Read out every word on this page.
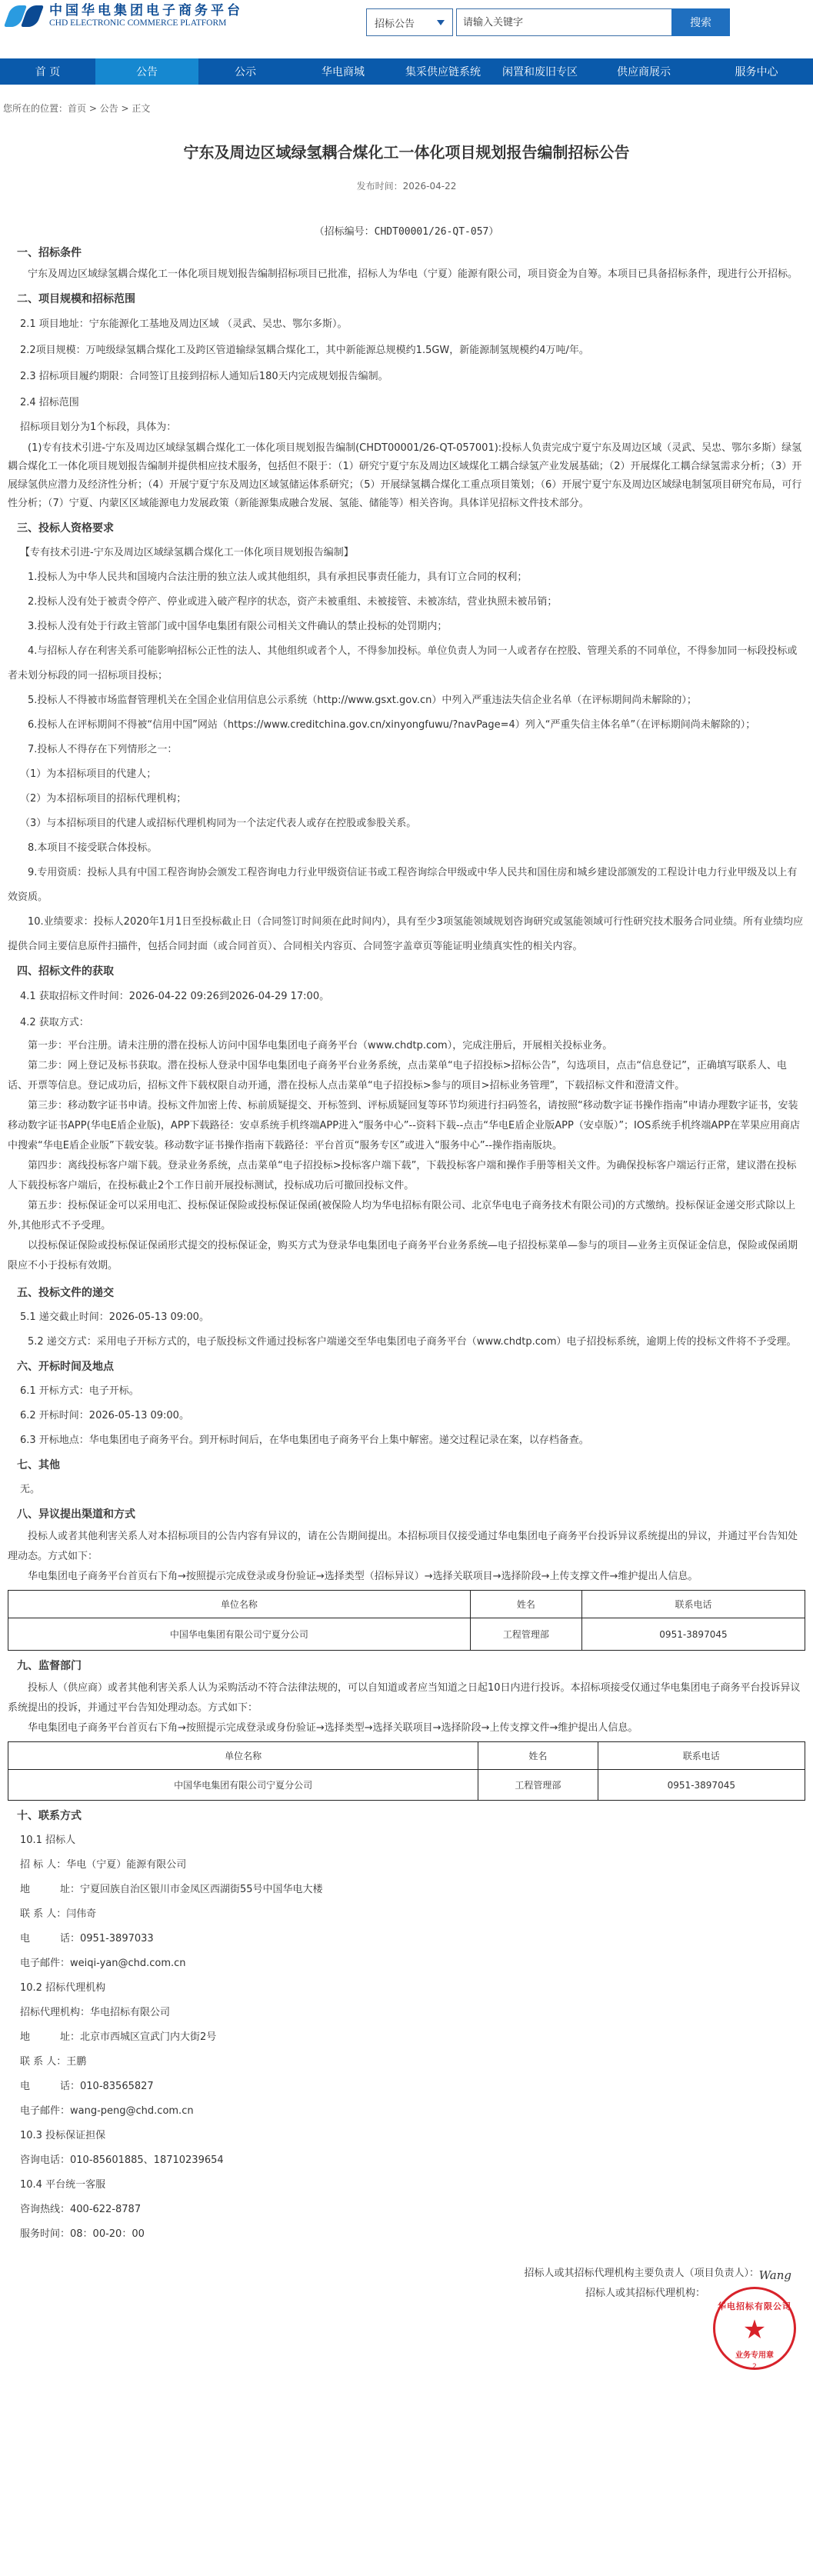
中国华电集团电子商务平台
CHD ELECTRONIC COMMERCE PLATFORM	招标公告
请输入关键字	搜索
首 页	公告	公示	华电商城	集采供应链系统	闲置和废旧专区	供应商展示	服务中心
您所在的位置：首页 > 公告 > 正文
宁东及周边区域绿氢耦合煤化工一体化项目规划报告编制招标公告
发布时间：2026-04-22
（招标编号：CHDT00001/26-QT-057）
一、招标条件
宁东及周边区域绿氢耦合煤化工一体化项目规划报告编制招标项目已批准，招标人为华电（宁夏）能源有限公司，项目资金为自筹。本项目已具备招标条件，现进行公开招标。
二、项目规模和招标范围
2.1 项目地址：宁东能源化工基地及周边区域 （灵武、吴忠、鄂尔多斯）。
2.2项目规模：万吨级绿氢耦合煤化工及跨区管道输绿氢耦合煤化工，其中新能源总规模约1.5GW，新能源制氢规模约4万吨/年。
2.3 招标项目履约期限：合同签订且接到招标人通知后180天内完成规划报告编制。
2.4 招标范围
招标项目划分为1个标段，具体为：
(1)专有技术引进-宁东及周边区域绿氢耦合煤化工一体化项目规划报告编制(CHDT00001/26-QT-057001):投标人负责完成宁夏宁东及周边区域（灵武、吴忠、鄂尔多斯）绿氢耦合煤化工一体化项目规划报告编制并提供相应技术服务，包括但不限于：（1）研究宁夏宁东及周边区域煤化工耦合绿氢产业发展基础；（2）开展煤化工耦合绿氢需求分析；（3）开展绿氢供应潜力及经济性分析；（4）开展宁夏宁东及周边区域氢储运体系研究；（5）开展绿氢耦合煤化工重点项目策划；（6）开展宁夏宁东及周边区域绿电制氢项目研究布局，可行性分析；（7）宁夏、内蒙区区域能源电力发展政策（新能源集成融合发展、氢能、储能等）相关咨询。具体详见招标文件技术部分。
三、投标人资格要求
【专有技术引进-宁东及周边区域绿氢耦合煤化工一体化项目规划报告编制】
1.投标人为中华人民共和国境内合法注册的独立法人或其他组织，具有承担民事责任能力，具有订立合同的权利；
2.投标人没有处于被责令停产、停业或进入破产程序的状态，资产未被重组、未被接管、未被冻结，营业执照未被吊销；
3.投标人没有处于行政主管部门或中国华电集团有限公司相关文件确认的禁止投标的处罚期内；
4.与招标人存在利害关系可能影响招标公正性的法人、其他组织或者个人，不得参加投标。单位负责人为同一人或者存在控股、管理关系的不同单位，不得参加同一标段投标或者未划分标段的同一招标项目投标；
5.投标人不得被市场监督管理机关在全国企业信用信息公示系统（http://www.gsxt.gov.cn）中列入严重违法失信企业名单（在评标期间尚未解除的）；
6.投标人在评标期间不得被“信用中国”网站（https://www.creditchina.gov.cn/xinyongfuwu/?navPage=4）列入“严重失信主体名单”（在评标期间尚未解除的）；
7.投标人不得存在下列情形之一：
（1）为本招标项目的代建人；
（2）为本招标项目的招标代理机构；
（3）与本招标项目的代建人或招标代理机构同为一个法定代表人或存在控股或参股关系。
8.本项目不接受联合体投标。
9.专用资质：投标人具有中国工程咨询协会颁发工程咨询电力行业甲级资信证书或工程咨询综合甲级或中华人民共和国住房和城乡建设部颁发的工程设计电力行业甲级及以上有效资质。
10.业绩要求：投标人2020年1月1日至投标截止日（合同签订时间须在此时间内），具有至少3项氢能领域规划咨询研究或氢能领域可行性研究技术服务合同业绩。所有业绩均应提供合同主要信息原件扫描件，包括合同封面（或合同首页）、合同相关内容页、合同签字盖章页等能证明业绩真实性的相关内容。
四、招标文件的获取
4.1 获取招标文件时间：2026-04-22 09:26到2026-04-29 17:00。
4.2 获取方式：
第一步：平台注册。请未注册的潜在投标人访问中国华电集团电子商务平台（www.chdtp.com），完成注册后，开展相关投标业务。
第二步：网上登记及标书获取。潜在投标人登录中国华电集团电子商务平台业务系统，点击菜单“电子招投标>招标公告”，勾选项目，点击“信息登记”，正确填写联系人、电话、开票等信息。登记成功后，招标文件下载权限自动开通，潜在投标人点击菜单“电子招投标>参与的项目>招标业务管理”，下载招标文件和澄清文件。
第三步：移动数字证书申请。投标文件加密上传、标前质疑提交、开标签到、评标质疑回复等环节均须进行扫码签名，请按照“移动数字证书操作指南”申请办理数字证书，安装移动数字证书APP(华电E盾企业版)，APP下载路径：安卓系统手机终端APP进入“服务中心”--资料下载--点击“华电E盾企业版APP（安卓版）”；IOS系统手机终端APP在苹果应用商店中搜索“华电E盾企业版”下载安装。移动数字证书操作指南下载路径：平台首页“服务专区”或进入“服务中心”--操作指南版块。
第四步：离线投标客户端下载。登录业务系统，点击菜单“电子招投标>投标客户端下载”，下载投标客户端和操作手册等相关文件。为确保投标客户端运行正常，建议潜在投标人下载投标客户端后，在投标截止2个工作日前开展投标测试，投标成功后可撤回投标文件。
第五步：投标保证金可以采用电汇、投标保证保险或投标保证保函(被保险人均为华电招标有限公司、北京华电电子商务技术有限公司)的方式缴纳。投标保证金递交形式除以上外,其他形式不予受理。
以投标保证保险或投标保证保函形式提交的投标保证金，购买方式为登录华电集团电子商务平台业务系统—电子招投标菜单—参与的项目—业务主页保证金信息，保险或保函期限应不小于投标有效期。
五、投标文件的递交
5.1 递交截止时间：2026-05-13 09:00。
5.2 递交方式：采用电子开标方式的，电子版投标文件通过投标客户端递交至华电集团电子商务平台（www.chdtp.com）电子招投标系统，逾期上传的投标文件将不予受理。
六、开标时间及地点
6.1 开标方式：电子开标。
6.2 开标时间：2026-05-13 09:00。
6.3 开标地点：华电集团电子商务平台。到开标时间后，在华电集团电子商务平台上集中解密。递交过程记录在案，以存档备查。
七、其他
无。
八、异议提出渠道和方式
投标人或者其他利害关系人对本招标项目的公告内容有异议的，请在公告期间提出。本招标项目仅接受通过华电集团电子商务平台投诉异议系统提出的异议，并通过平台告知处理动态。方式如下：
华电集团电子商务平台首页右下角→按照提示完成登录或身份验证→选择类型（招标异议）→选择关联项目→选择阶段→上传支撑文件→维护提出人信息。
单位名称	姓名	联系电话
中国华电集团有限公司宁夏分公司	工程管理部	0951-3897045
九、监督部门
投标人（供应商）或者其他利害关系人认为采购活动不符合法律法规的，可以自知道或者应当知道之日起10日内进行投诉。本招标项接受仅通过华电集团电子商务平台投诉异议系统提出的投诉，并通过平台告知处理动态。方式如下：
华电集团电子商务平台首页右下角→按照提示完成登录或身份验证→选择类型→选择关联项目→选择阶段→上传支撑文件→维护提出人信息。
单位名称	姓名	联系电话
中国华电集团有限公司宁夏分公司	工程管理部	0951-3897045
十、联系方式
10.1 招标人
招 标 人：华电（宁夏）能源有限公司
地　　　址：宁夏回族自治区银川市金凤区西湖街55号中国华电大楼
联 系 人：闫伟奇
电　　　话：0951-3897033
电子邮件：weiqi-yan@chd.com.cn
10.2 招标代理机构
招标代理机构：华电招标有限公司
地　　　址：北京市西城区宣武门内大街2号
联 系 人：王鹏
电　　　话：010-83565827
电子邮件：wang-peng@chd.com.cn
10.3 投标保证担保
咨询电话：010-85601885、18710239654
10.4 平台统一客服
咨询热线：400-622-8787
服务时间：08：00-20：00
招标人或其招标代理机构主要负责人（项目负责人）： Wang
招标人或其招标代理机构：
华电招标有限公司
★
业务专用章
2
